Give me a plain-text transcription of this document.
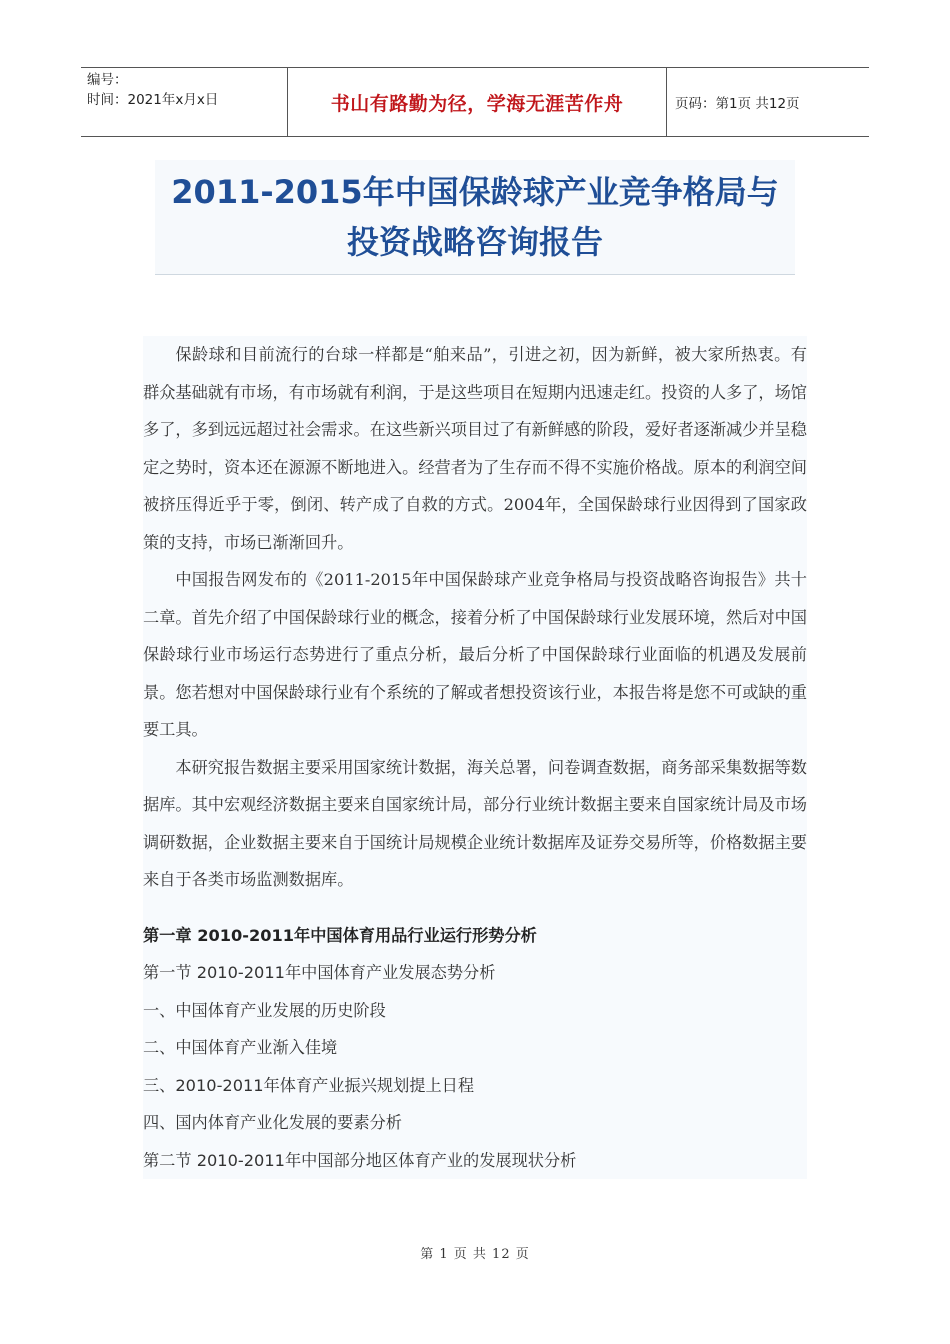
编号：
时间：2021年x月x日	书山有路勤为径，学海无涯苦作舟	页码：第1页 共12页
2011-2015年中国保龄球产业竞争格局与
投资战略咨询报告

保龄球和目前流行的台球一样都是“舶来品”，引进之初，因为新鲜，被大家所热衷。有群众基础就有市场，有市场就有利润，于是这些项目在短期内迅速走红。投资的人多了，场馆多了，多到远远超过社会需求。在这些新兴项目过了有新鲜感的阶段，爱好者逐渐减少并呈稳定之势时，资本还在源源不断地进入。经营者为了生存而不得不实施价格战。原本的利润空间被挤压得近乎于零，倒闭、转产成了自救的方式。2004年，全国保龄球行业因得到了国家政策的支持，市场已渐渐回升。

中国报告网发布的《2011-2015年中国保龄球产业竞争格局与投资战略咨询报告》共十二章。首先介绍了中国保龄球行业的概念，接着分析了中国保龄球行业发展环境，然后对中国保龄球行业市场运行态势进行了重点分析，最后分析了中国保龄球行业面临的机遇及发展前景。您若想对中国保龄球行业有个系统的了解或者想投资该行业，本报告将是您不可或缺的重要工具。

本研究报告数据主要采用国家统计数据，海关总署，问卷调查数据，商务部采集数据等数据库。其中宏观经济数据主要来自国家统计局，部分行业统计数据主要来自国家统计局及市场调研数据，企业数据主要来自于国统计局规模企业统计数据库及证券交易所等，价格数据主要来自于各类市场监测数据库。

第一章 2010-2011年中国体育用品行业运行形势分析

第一节 2010-2011年中国体育产业发展态势分析

一、中国体育产业发展的历史阶段

二、中国体育产业渐入佳境

三、2010-2011年体育产业振兴规划提上日程

四、国内体育产业化发展的要素分析

第二节 2010-2011年中国部分地区体育产业的发展现状分析

第 1 页 共 12 页
